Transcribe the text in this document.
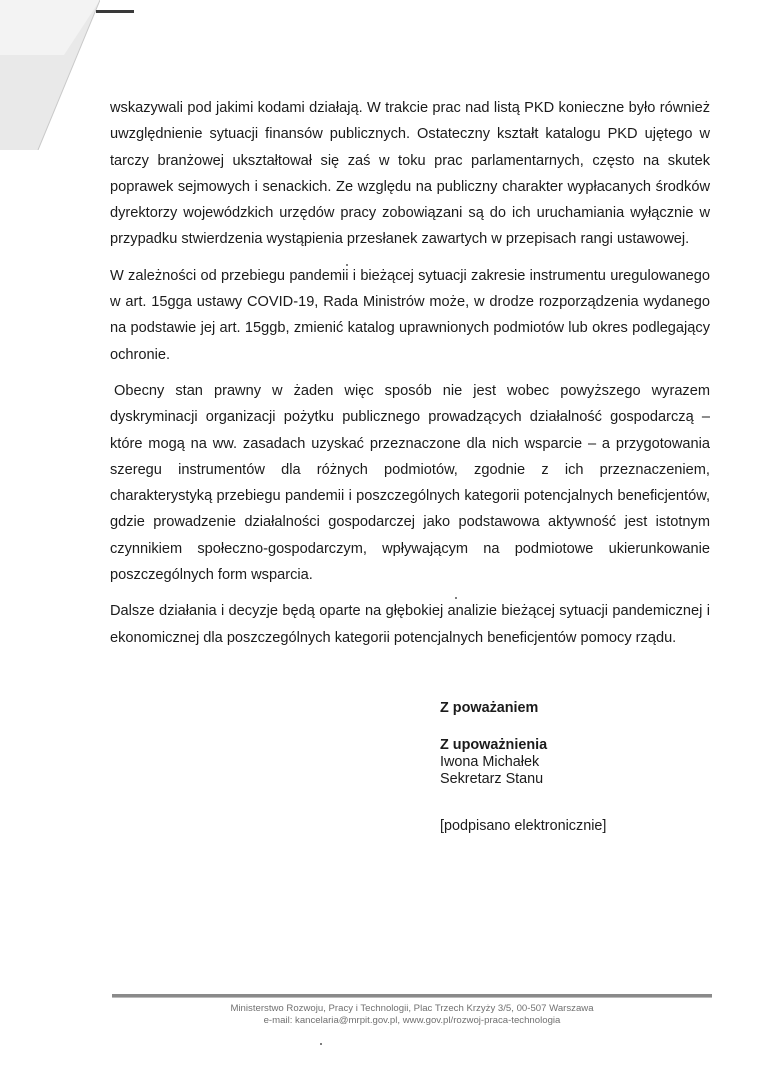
wskazywali pod jakimi kodami działają. W trakcie prac nad listą PKD konieczne było również uwzględnienie sytuacji finansów publicznych. Ostateczny kształt katalogu PKD ujętego w tarczy branżowej ukształtował się zaś w toku prac parlamentarnych, często na skutek poprawek sejmowych i senackich. Ze względu na publiczny charakter wypłacanych środków dyrektorzy wojewódzkich urzędów pracy zobowiązani są do ich uruchamiania wyłącznie w przypadku stwierdzenia wystąpienia przesłanek zawartych w przepisach rangi ustawowej.

W zależności od przebiegu pandemii i bieżącej sytuacji zakresie instrumentu uregulowanego w art. 15gga ustawy COVID-19, Rada Ministrów może, w drodze rozporządzenia wydanego na podstawie jej art. 15ggb, zmienić katalog uprawnionych podmiotów lub okres podlegający ochronie.

Obecny stan prawny w żaden więc sposób nie jest wobec powyższego wyrazem dyskryminacji organizacji pożytku publicznego prowadzących działalność gospodarczą – które mogą na ww. zasadach uzyskać przeznaczone dla nich wsparcie – a przygotowania szeregu instrumentów dla różnych podmiotów, zgodnie z ich przeznaczeniem, charakterystyką przebiegu pandemii i poszczególnych kategorii potencjalnych beneficjentów, gdzie prowadzenie działalności gospodarczej jako podstawowa aktywność jest istotnym czynnikiem społeczno-gospodarczym, wpływającym na podmiotowe ukierunkowanie poszczególnych form wsparcia.

Dalsze działania i decyzje będą oparte na głębokiej analizie bieżącej sytuacji pandemicznej i ekonomicznej dla poszczególnych kategorii potencjalnych beneficjentów pomocy rządu.

Z poważaniem

Z upoważnienia

Iwona Michałek

Sekretarz Stanu

[podpisano elektronicznie]

Ministerstwo Rozwoju, Pracy i Technologii, Plac Trzech Krzyży 3/5, 00-507 Warszawa

e-mail: kancelaria@mrpit.gov.pl, www.gov.pl/rozwoj-praca-technologia
